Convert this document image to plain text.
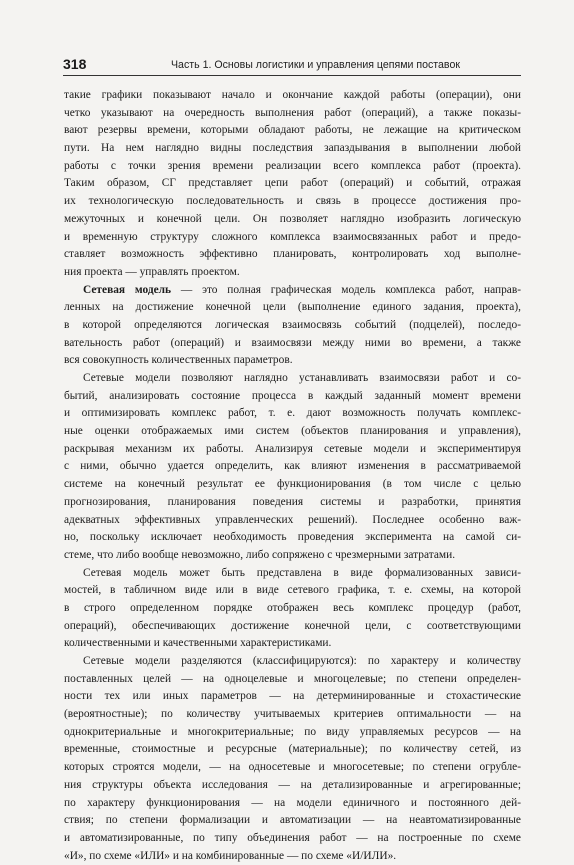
318	Часть 1. Основы логистики и управления цепями поставок
такие графики показывают начало и окончание каждой работы (операции), они
четко указывают на очередность выполнения работ (операций), а также показы-
вают резервы времени, которыми обладают работы, не лежащие на критическом
пути. На нем наглядно видны последствия запаздывания в выполнении любой
работы с точки зрения времени реализации всего комплекса работ (проекта).
Таким образом, СГ представляет цепи работ (операций) и событий, отражая
их технологическую последовательность и связь в процессе достижения про-
межуточных и конечной цели. Он позволяет наглядно изобразить логическую
и временную структуру сложного комплекса взаимосвязанных работ и предо-
ставляет возможность эффективно планировать, контролировать ход выполне-
ния проекта — управлять проектом.
Сетевая модель — это полная графическая модель комплекса работ, направ-
ленных на достижение конечной цели (выполнение единого задания, проекта),
в которой определяются логическая взаимосвязь событий (подцелей), последо-
вательность работ (операций) и взаимосвязи между ними во времени, а также
вся совокупность количественных параметров.
Сетевые модели позволяют наглядно устанавливать взаимосвязи работ и со-
бытий, анализировать состояние процесса в каждый заданный момент времени
и оптимизировать комплекс работ, т. е. дают возможность получать комплекс-
ные оценки отображаемых ими систем (объектов планирования и управления),
раскрывая механизм их работы. Анализируя сетевые модели и экспериментируя
с ними, обычно удается определить, как влияют изменения в рассматриваемой
системе на конечный результат ее функционирования (в том числе с целью
прогнозирования, планирования поведения системы и разработки, принятия
адекватных эффективных управленческих решений). Последнее особенно важ-
но, поскольку исключает необходимость проведения эксперимента на самой си-
стеме, что либо вообще невозможно, либо сопряжено с чрезмерными затратами.
Сетевая модель может быть представлена в виде формализованных зависи-
мостей, в табличном виде или в виде сетевого графика, т. е. схемы, на которой
в строго определенном порядке отображен весь комплекс процедур (работ,
операций), обеспечивающих достижение конечной цели, с соответствующими
количественными и качественными характеристиками.
Сетевые модели разделяются (классифицируются): по характеру и количеству
поставленных целей — на одноцелевые и многоцелевые; по степени определен-
ности тех или иных параметров — на детерминированные и стохастические
(вероятностные); по количеству учитываемых критериев оптимальности — на
однокритериальные и многокритериальные; по виду управляемых ресурсов — на
временные, стоимостные и ресурсные (материальные); по количеству сетей, из
которых строятся модели, — на односетевые и многосетевые; по степени огрубле-
ния структуры объекта исследования — на детализированные и агрегированные;
по характеру функционирования — на модели единичного и постоянного дей-
ствия; по степени формализации и автоматизации — на неавтоматизированные
и автоматизированные, по типу объединения работ — на построенные по схеме
«И», по схеме «ИЛИ» и на комбинированные — по схеме «И/ИЛИ».
